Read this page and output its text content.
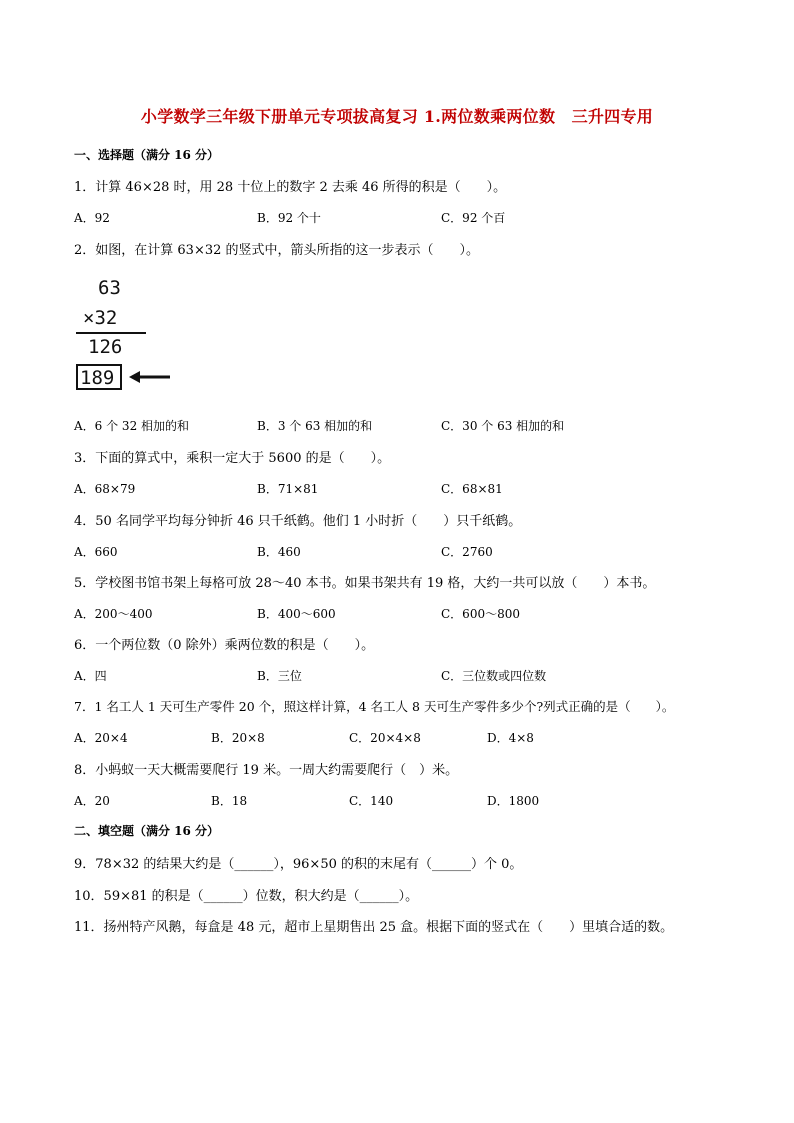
小学数学三年级下册单元专项拔高复习 1.两位数乘两位数　三升四专用
一、选择题（满分 16 分）
1．计算 46×28 时，用 28 十位上的数字 2 去乘 46 所得的积是（　　）。
A．92	B．92 个十	C．92 个百
2．如图，在计算 63×32 的竖式中，箭头所指的这一步表示（　　）。
63
×32
126
189
A．6 个 32 相加的和	B．3 个 63 相加的和	C．30 个 63 相加的和
3．下面的算式中，乘积一定大于 5600 的是（　　）。
A．68×79	B．71×81	C．68×81
4．50 名同学平均每分钟折 46 只千纸鹤。他们 1 小时折（　　）只千纸鹤。
A．660	B．460	C．2760
5．学校图书馆书架上每格可放 28～40 本书。如果书架共有 19 格，大约一共可以放（　　）本书。
A．200～400	B．400～600	C．600～800
6．一个两位数（0 除外）乘两位数的积是（　　）。
A．四	B．三位	C．三位数或四位数
7．1 名工人 1 天可生产零件 20 个，照这样计算，4 名工人 8 天可生产零件多少个?列式正确的是（　　）。
A．20×4	B．20×8	C．20×4×8	D．4×8
8．小蚂蚁一天大概需要爬行 19 米。一周大约需要爬行（　）米。
A．20	B．18	C．140	D．1800
二、填空题（满分 16 分）
9．78×32 的结果大约是（______），96×50 的积的末尾有（______）个 0。
10．59×81 的积是（______）位数，积大约是（______）。
11．扬州特产风鹅，每盒是 48 元，超市上星期售出 25 盒。根据下面的竖式在（　　）里填合适的数。
